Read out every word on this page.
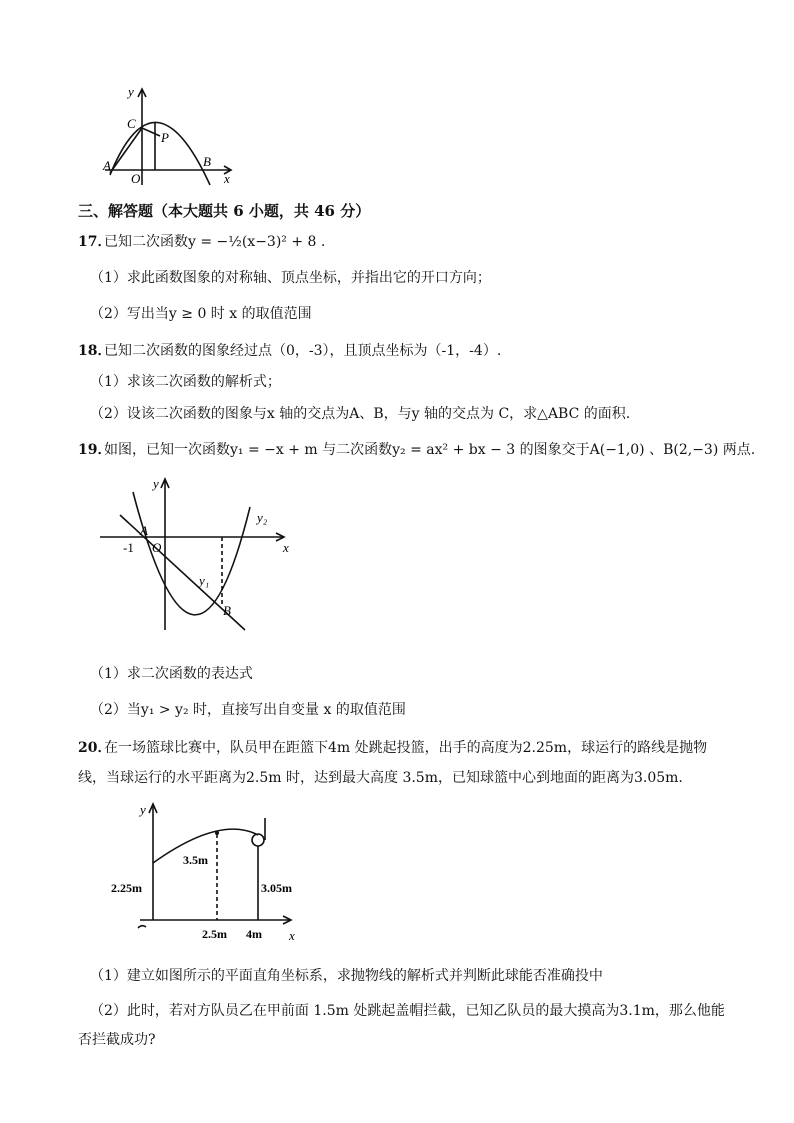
y
C
P
A
O
B
x
三、解答题（本大题共 6 小题，共 46 分）
17．
已知二次函数y = −½(x−3)² + 8 .
（1）求此函数图象的对称轴、顶点坐标，并指出它的开口方向；
（2）写出当y ≥ 0 时 x 的取值范围
18．
已知二次函数的图象经过点（0，-3），且顶点坐标为（-1，-4）.
（1）求该二次函数的解析式；
（2）设该二次函数的图象与x 轴的交点为A、B，与y 轴的交点为 C，求△ABC 的面积.
19．
如图，已知一次函数y₁ = −x + m 与二次函数y₂ = ax² + bx − 3 的图象交于A(−1,0) 、B(2,−3) 两点.
y
y₂
x
A
-1 O
y₁
B
（1）求二次函数的表达式
（2）当y₁ > y₂ 时，直接写出自变量 x 的取值范围
20．
在一场篮球比赛中，队员甲在距篮下4m 处跳起投篮，出手的高度为2.25m，球运行的路线是抛物
线，当球运行的水平距离为2.5m 时，达到最大高度 3.5m，已知球篮中心到地面的距离为3.05m.
y
3.5m
2.25m	3.05m
2.5m 4m x
（1）建立如图所示的平面直角坐标系，求抛物线的解析式并判断此球能否准确投中
（2）此时，若对方队员乙在甲前面 1.5m 处跳起盖帽拦截，已知乙队员的最大摸高为3.1m，那么他能
否拦截成功?
